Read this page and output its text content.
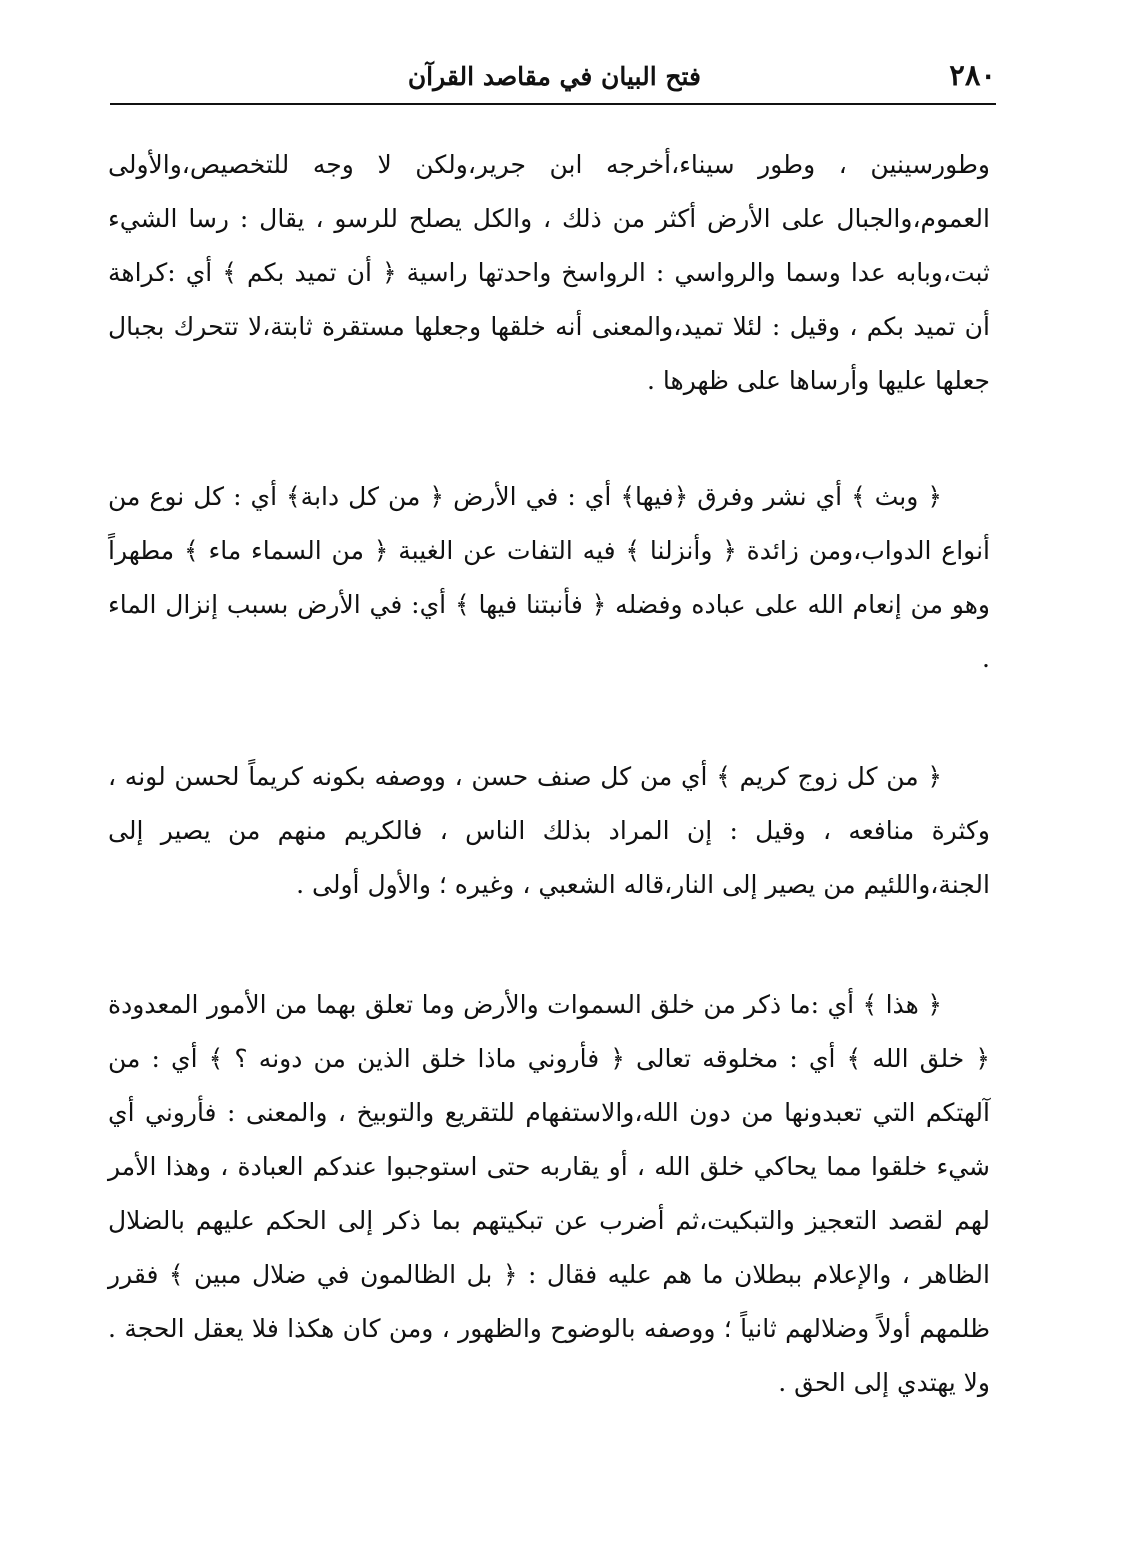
٢٨٠
فتح البيان في مقاصد القرآن

وطورسينين ، وطور سيناء،أخرجه ابن جرير،ولكن لا وجه للتخصيص،والأولى العموم،والجبال على الأرض أكثر من ذلك ، والكل يصلح للرسو ، يقال : رسا الشيء ثبت،وبابه عدا وسما والرواسي : الرواسخ واحدتها راسية ﴿ أن تميد بكم ﴾ أي :كراهة أن تميد بكم ، وقيل : لئلا تميد،والمعنى أنه خلقها وجعلها مستقرة ثابتة،لا تتحرك بجبال جعلها عليها وأرساها على ظهرها .

﴿ وبث ﴾ أي نشر وفرق ﴿فيها﴾ أي : في الأرض ﴿ من كل دابة﴾ أي : كل نوع من أنواع الدواب،ومن زائدة ﴿ وأنزلنا ﴾ فيه التفات عن الغيبة ﴿ من السماء ماء ﴾ مطهراً وهو من إنعام الله على عباده وفضله ﴿ فأنبتنا فيها ﴾ أي: في الأرض بسبب إنزال الماء .

﴿ من كل زوج كريم ﴾ أي من كل صنف حسن ، ووصفه بكونه كريماً لحسن لونه ، وكثرة منافعه ، وقيل : إن المراد بذلك الناس ، فالكريم منهم من يصير إلى الجنة،واللئيم من يصير إلى النار،قاله الشعبي ، وغيره ؛ والأول أولى .

﴿ هذا ﴾ أي :ما ذكر من خلق السموات والأرض وما تعلق بهما من الأمور المعدودة ﴿ خلق الله ﴾ أي : مخلوقه تعالى ﴿ فأروني ماذا خلق الذين من دونه ؟ ﴾ أي : من آلهتكم التي تعبدونها من دون الله،والاستفهام للتقريع والتوبيخ ، والمعنى : فأروني أي شيء خلقوا مما يحاكي خلق الله ، أو يقاربه حتى استوجبوا عندكم العبادة ، وهذا الأمر لهم لقصد التعجيز والتبكيت،ثم أضرب عن تبكيتهم بما ذكر إلى الحكم عليهم بالضلال الظاهر ، والإعلام ببطلان ما هم عليه فقال : ﴿ بل الظالمون في ضلال مبين ﴾ فقرر ظلمهم أولاً وضلالهم ثانياً ؛ ووصفه بالوضوح والظهور ، ومن كان هكذا فلا يعقل الحجة . ولا يهتدي إلى الحق .
